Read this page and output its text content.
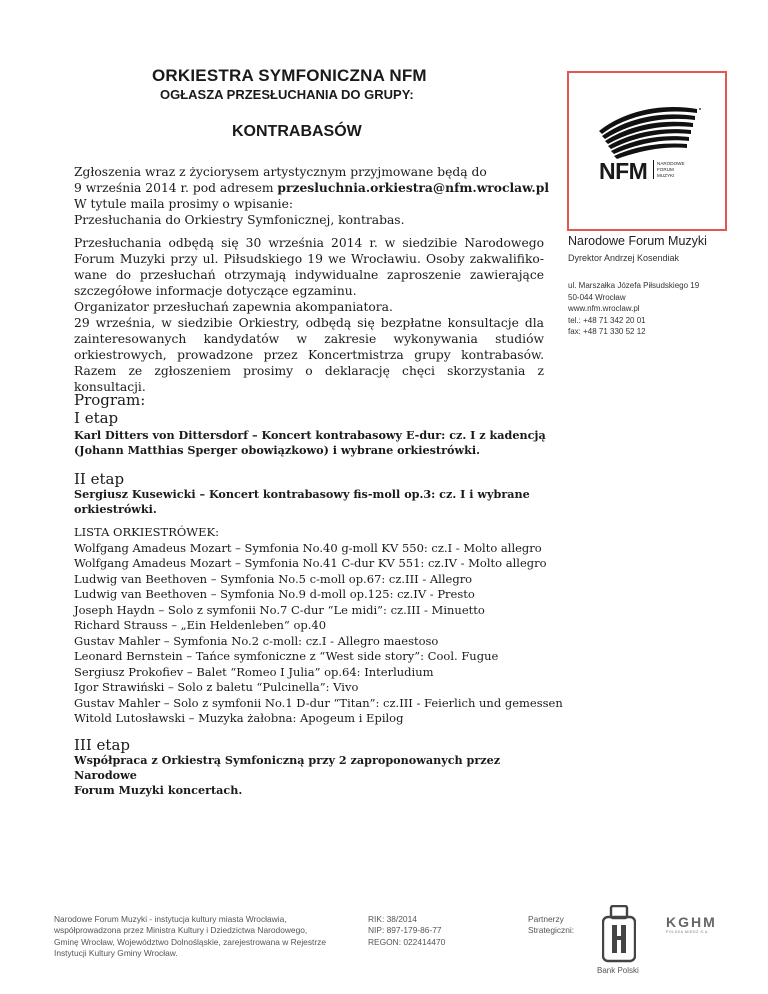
ORKIESTRA SYMFONICZNA NFM
OGŁASZA PRZESŁUCHANIA DO GRUPY:
KONTRABASÓW
Zgłoszenia wraz z życiorysem artystycznym przyjmowane będą do
9 września 2014 r. pod adresem przesluchnia.orkiestra@nfm.wroclaw.pl
W tytule maila prosimy o wpisanie:
Przesłuchania do Orkiestry Symfonicznej, kontrabas.
Przesłuchania odbędą się 30 września 2014 r. w siedzibie Narodowego
Forum Muzyki przy ul. Piłsudskiego 19 we Wrocławiu. Osoby zakwalifiko-
wane do przesłuchań otrzymają indywidualne zaproszenie zawierające
szczegółowe informacje dotyczące egzaminu.
Organizator przesłuchań zapewnia akompaniatora.
29 września, w siedzibie Orkiestry, odbędą się bezpłatne konsultacje dla
zainteresowanych kandydatów w zakresie wykonywania studiów
orkiestrowych, prowadzone przez Koncertmistrza grupy kontrabasów.
Razem ze zgłoszeniem prosimy o deklarację chęci skorzystania z konsultacji.
Program:
I etap
Karl Ditters von Dittersdorf – Koncert kontrabasowy E-dur: cz. I z kadencją
(Johann Matthias Sperger obowiązkowo) i wybrane orkiestrówki.
II etap
Sergiusz Kusewicki – Koncert kontrabasowy fis-moll op.3: cz. I i wybrane
orkiestrówki.
LISTA ORKIESTRÓWEK:
Wolfgang Amadeus Mozart – Symfonia No.40 g-moll KV 550: cz.I - Molto allegro
Wolfgang Amadeus Mozart – Symfonia No.41 C-dur KV 551: cz.IV - Molto allegro
Ludwig van Beethoven – Symfonia No.5 c-moll op.67: cz.III - Allegro
Ludwig van Beethoven – Symfonia No.9 d-moll op.125: cz.IV - Presto
Joseph Haydn – Solo z symfonii No.7 C-dur “Le midi”: cz.III - Minuetto
Richard Strauss – „Ein Heldenleben“ op.40
Gustav Mahler – Symfonia No.2 c-moll: cz.I - Allegro maestoso
Leonard Bernstein – Tańce symfoniczne z “West side story”: Cool. Fugue
Sergiusz Prokofiev – Balet “Romeo I Julia” op.64: Interludium
Igor Strawiński – Solo z baletu “Pulcinella”: Vivo
Gustav Mahler – Solo z symfonii No.1 D-dur “Titan”: cz.III - Feierlich und gemessen
Witold Lutosławski – Muzyka żałobna: Apogeum i Epilog
III etap
Współpraca z Orkiestrą Symfoniczną przy 2 zaproponowanych przez Narodowe
Forum Muzyki koncertach.
NFM NARODOWE
FORUM
MUZYKI
Narodowe Forum Muzyki
Dyrektor Andrzej Kosendiak
ul. Marszałka Józefa Piłsudskiego 19
50-044 Wrocław
www.nfm.wroclaw.pl
tel.: +48 71 342 20 01
fax: +48 71 330 52 12
Narodowe Forum Muzyki - instytucja kultury miasta Wrocławia,
współprowadzona przez Ministra Kultury i Dziedzictwa Narodowego,
Gminę Wrocław, Województwo Dolnośląskie, zarejestrowana w Rejestrze
Instytucji Kultury Gminy Wrocław.
RIK: 38/2014
NIP: 897-179-86-77
REGON: 022414470
Partnerzy
Strategiczni:
Bank Polski
KGHM
POLSKA MIEDŹ S.A.
